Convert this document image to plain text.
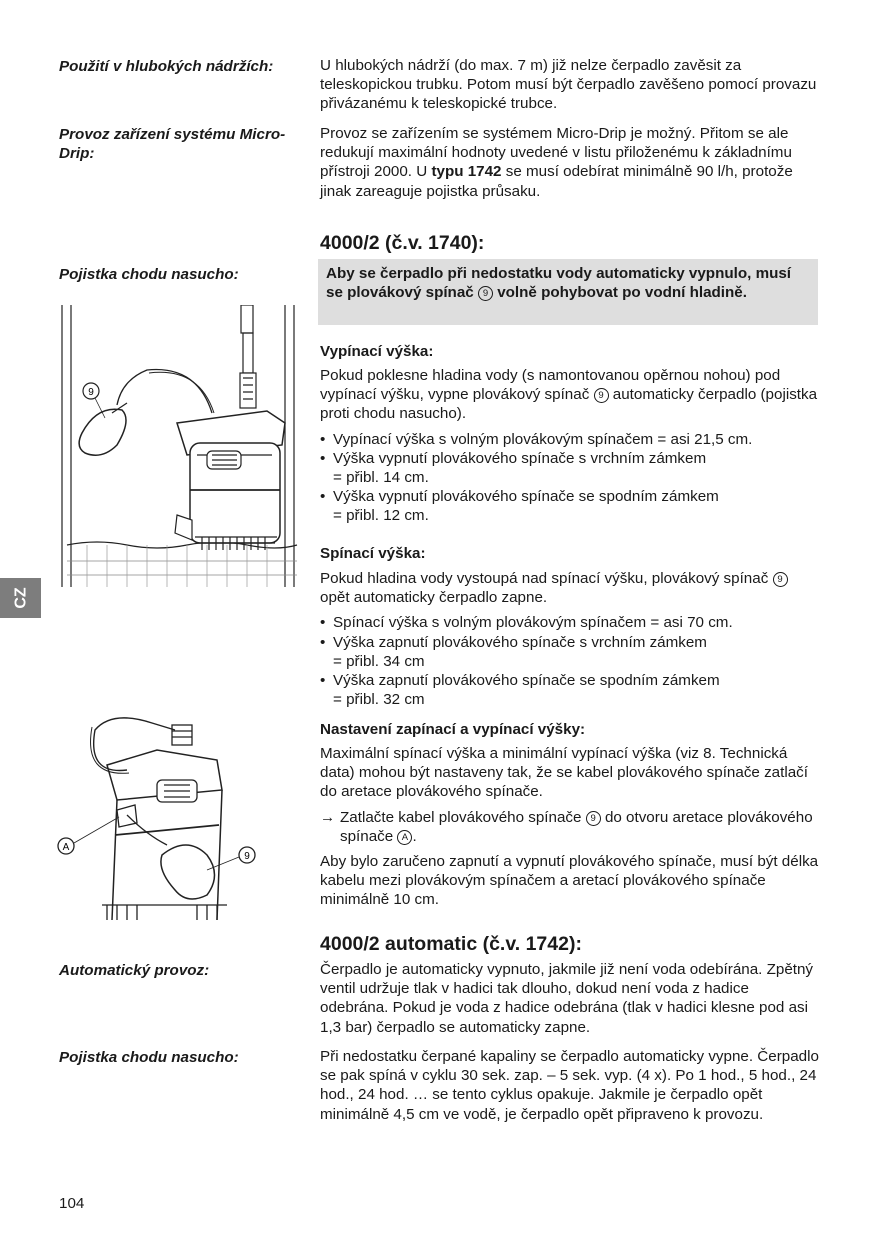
CZ
Použití v hlubokých nádržích:	U hlubokých nádrží (do max. 7 m) již nelze čerpadlo zavěsit za teleskopickou trubku. Potom musí být čerpadlo zavěšeno pomocí provazu přivázanému k teleskopické trubce.

Provoz zařízení systému Micro-Drip:

Provoz se zařízením se systémem Micro-Drip je možný. Přitom se ale redukují maximální hodnoty uvedené v listu přiloženému k základnímu přístroji 2000. U typu 1742 se musí odebírat minimálně 90 l/h, protože jinak zareaguje pojistka průsaku.

4000/2 (č.v. 1740):
Pojistka chodu nasucho:	Aby se čerpadlo při nedostatku vody automaticky vypnulo, musí se plovákový spínač 9 volně pohybovat po vodní hladině.
9
Vypínací výška:

Pokud poklesne hladina vody (s namontovanou opěrnou nohou) pod vypínací výšku, vypne plovákový spínač 9 automaticky čerpadlo (pojistka proti chodu nasucho).

• Vypínací výška s volným plovákovým spínačem = asi 21,5 cm.

• Výška vypnutí plovákového spínače s vrchním zámkem

= přibl. 14 cm.

• Výška vypnutí plovákového spínače se spodním zámkem

= přibl. 12 cm.

Spínací výška:

Pokud hladina vody vystoupá nad spínací výšku, plovákový spínač 9 opět automaticky čerpadlo zapne.

• Spínací výška s volným plovákovým spínačem = asi 70 cm.

• Výška zapnutí plovákového spínače s vrchním zámkem

= přibl. 34 cm

• Výška zapnutí plovákového spínače se spodním zámkem

= přibl. 32 cm

A
9
Nastavení zapínací a vypínací výšky:

Maximální spínací výška a minimální vypínací výška (viz 8. Technická data) mohou být nastaveny tak, že se kabel plovákového spínače zatlačí do aretace plovákového spínače.

→ Zatlačte kabel plovákového spínače 9 do otvoru aretace plovákového spínače A .

Aby bylo zaručeno zapnutí a vypnutí plovákového spínače, musí být délka kabelu mezi plovákovým spínačem a aretací plovákového spínače minimálně 10 cm.

4000/2 automatic (č.v. 1742):
Automatický provoz:	Čerpadlo je automaticky vypnuto, jakmile již není voda odebírána. Zpětný ventil udržuje tlak v hadici tak dlouho, dokud není voda z hadice odebrána. Pokud je voda z hadice odebrána (tlak v hadici klesne pod asi 1,3 bar) čerpadlo se automaticky zapne.

Pojistka chodu nasucho:	Při nedostatku čerpané kapaliny se čerpadlo automaticky vypne. Čerpadlo se pak spíná v cyklu 30 sek. zap. – 5 sek. vyp. (4 x). Po 1 hod., 5 hod., 24 hod., 24 hod. … se tento cyklus opakuje. Jakmile je čerpadlo opět minimálně 4,5 cm ve vodě, je čerpadlo opět připraveno k provozu.

104
